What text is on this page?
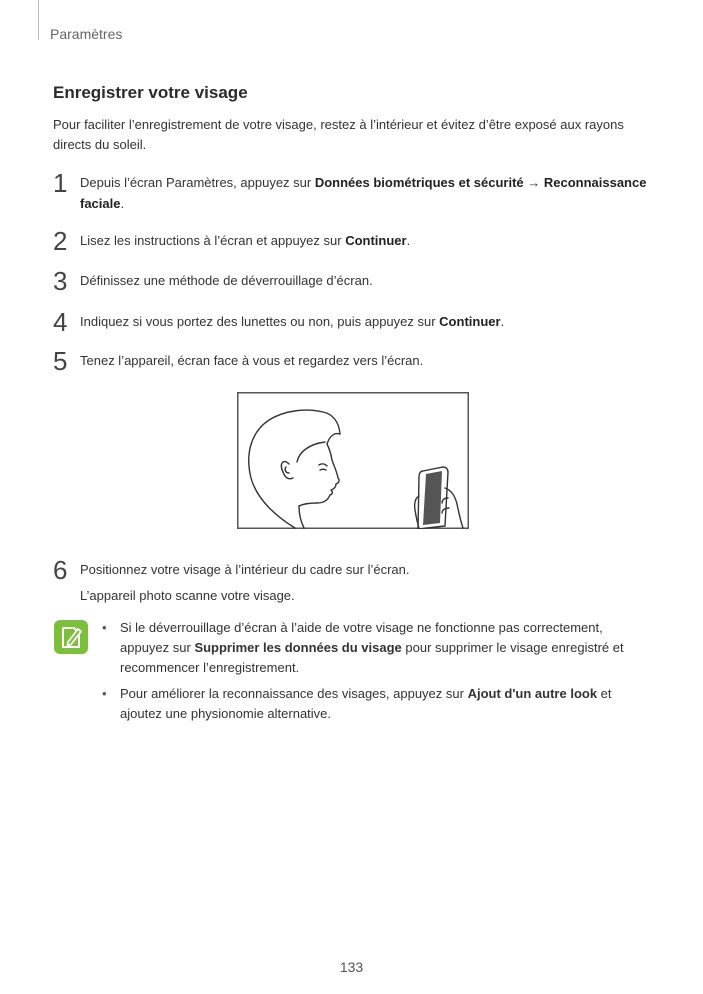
Paramètres
Enregistrer votre visage

Pour faciliter l’enregistrement de votre visage, restez à l’intérieur et évitez d’être exposé aux rayons directs du soleil.

1 Depuis l’écran Paramètres, appuyez sur Données biométriques et sécurité → Reconnaissance faciale.

2 Lisez les instructions à l’écran et appuyez sur Continuer.

3 Définissez une méthode de déverrouillage d’écran.

4 Indiquez si vous portez des lunettes ou non, puis appuyez sur Continuer.

5 Tenez l’appareil, écran face à vous et regardez vers l’écran.

6 Positionnez votre visage à l’intérieur du cadre sur l’écran.

L’appareil photo scanne votre visage.

• Si le déverrouillage d’écran à l’aide de votre visage ne fonctionne pas correctement, appuyez sur Supprimer les données du visage pour supprimer le visage enregistré et recommencer l’enregistrement.
• Pour améliorer la reconnaissance des visages, appuyez sur Ajout d'un autre look et ajoutez une physionomie alternative.
133
